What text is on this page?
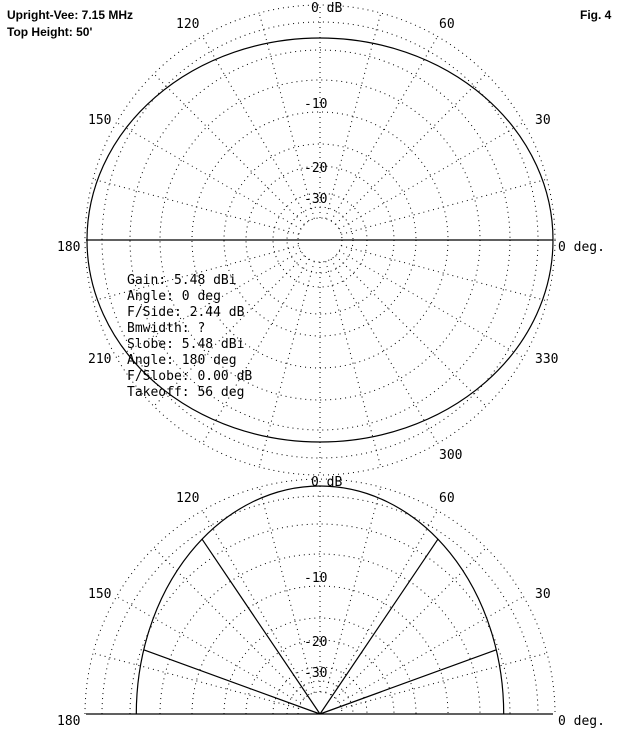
Upright-Vee: 7.15 MHz
Top Height: 50'
Fig. 4
0 dB
-10
-20
-30
0 deg.
30
60
120
150
180
210
300
330
Gain: 5.48 dBi
Angle: 0 deg
F/Side: 2.44 dB
Bmwidth: ?
Slobe: 5.48 dBi
Angle: 180 deg
F/Slobe: 0.00 dB
Takeoff: 56 deg
0 dB
-10
-20
-30
0 deg.
30
60
120
150
180
